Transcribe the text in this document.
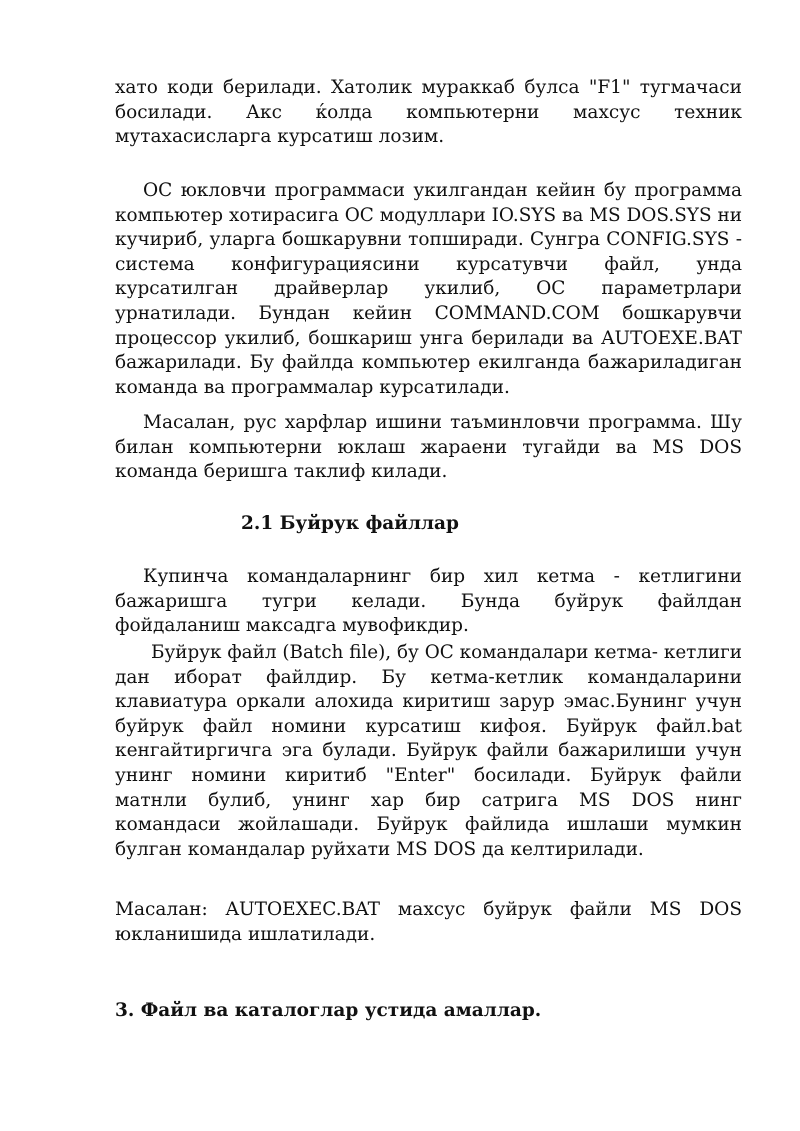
хато коди берилади. Хатолик мураккаб булса "F1" тугмачаси
босилади. Акс ќолда компьютерни махсус техник
мутахасисларга курсатиш лозим.
ОС юкловчи программаси укилгандан кейин бу программа
компьютер хотирасига ОС модуллари IO.SYS ва MS DOS.SYS ни
кучириб, уларга бошкарувни топширади. Сунгра CONFIG.SYS -
система конфигурациясини курсатувчи файл, унда
курсатилган драйверлар укилиб, ОС параметрлари
урнатилади. Бундан кейин COMMAND.COM бошкарувчи
процессор укилиб, бошкариш унга берилади ва AUTOEXE.BAT
бажарилади. Бу файлда компьютер екилганда бажариладиган
команда ва программалар курсатилади.
Масалан, рус харфлар ишини таъминловчи программа. Шу
билан компьютерни юклаш жараени тугайди ва MS DOS
команда беришга таклиф килади.
2.1 Буйрук файллар
Купинча командаларнинг бир хил кетма - кетлигини
бажаришга тугри келади. Бунда буйрук файлдан
фойдаланиш максадга мувофикдир.
Буйрук файл (Batch file), бу ОС командалари кетма- кетлиги
дан иборат файлдир. Бу кетма-кетлик командаларини
клавиатура оркали алохида киритиш зарур эмас.Бунинг учун
буйрук файл номини курсатиш кифоя. Буйрук файл.bat
кенгайтиргичга эга булади. Буйрук файли бажарилиши учун
унинг номини киритиб "Enter" босилади. Буйрук файли
матнли булиб, унинг хар бир сатрига MS DOS нинг
командаси жойлашади. Буйрук файлида ишлаши мумкин
булган командалар руйхати MS DOS да келтирилади.
Масалан: AUTOEXEC.BAT махсус буйрук файли MS DOS
юкланишида ишлатилади.
3. Файл ва каталоглар устида амаллар.
